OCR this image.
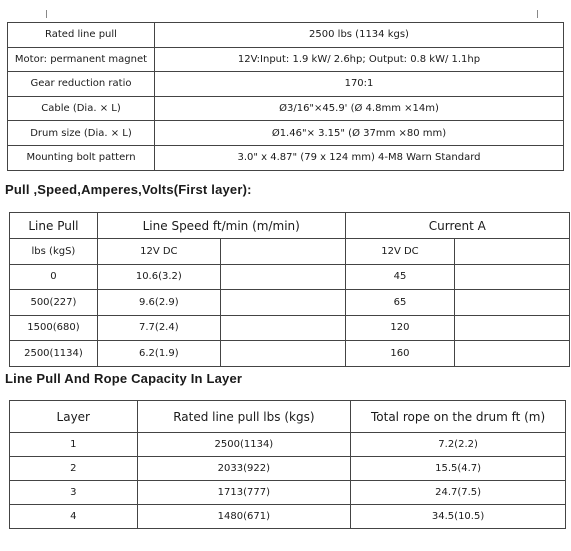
Rated line pull	2500 lbs (1134 kgs)
Motor: permanent magnet	12V:Input: 1.9 kW/ 2.6hp; Output: 0.8 kW/ 1.1hp
Gear reduction ratio	170:1
Cable (Dia. × L)	Ø3/16"×45.9' (Ø 4.8mm ×14m)
Drum size (Dia. × L)	Ø1.46"× 3.15" (Ø 37mm ×80 mm)
Mounting bolt pattern	3.0" x 4.87" (79 x 124 mm) 4-M8 Warn Standard
Pull ,Speed,Amperes,Volts(First layer):
Line Pull	Line Speed ft/min (m/min)		Current A	
lbs (kgS)	12V DC		12V DC	
0	10.6(3.2)		45	
500(227)	9.6(2.9)		65	
1500(680)	7.7(2.4)		120	
2500(1134)	6.2(1.9)		160	
Line Pull And Rope Capacity In Layer
Layer	Rated line pull lbs (kgs)	Total rope on the drum ft (m)
1	2500(1134)	7.2(2.2)
2	2033(922)	15.5(4.7)
3	1713(777)	24.7(7.5)
4	1480(671)	34.5(10.5)
